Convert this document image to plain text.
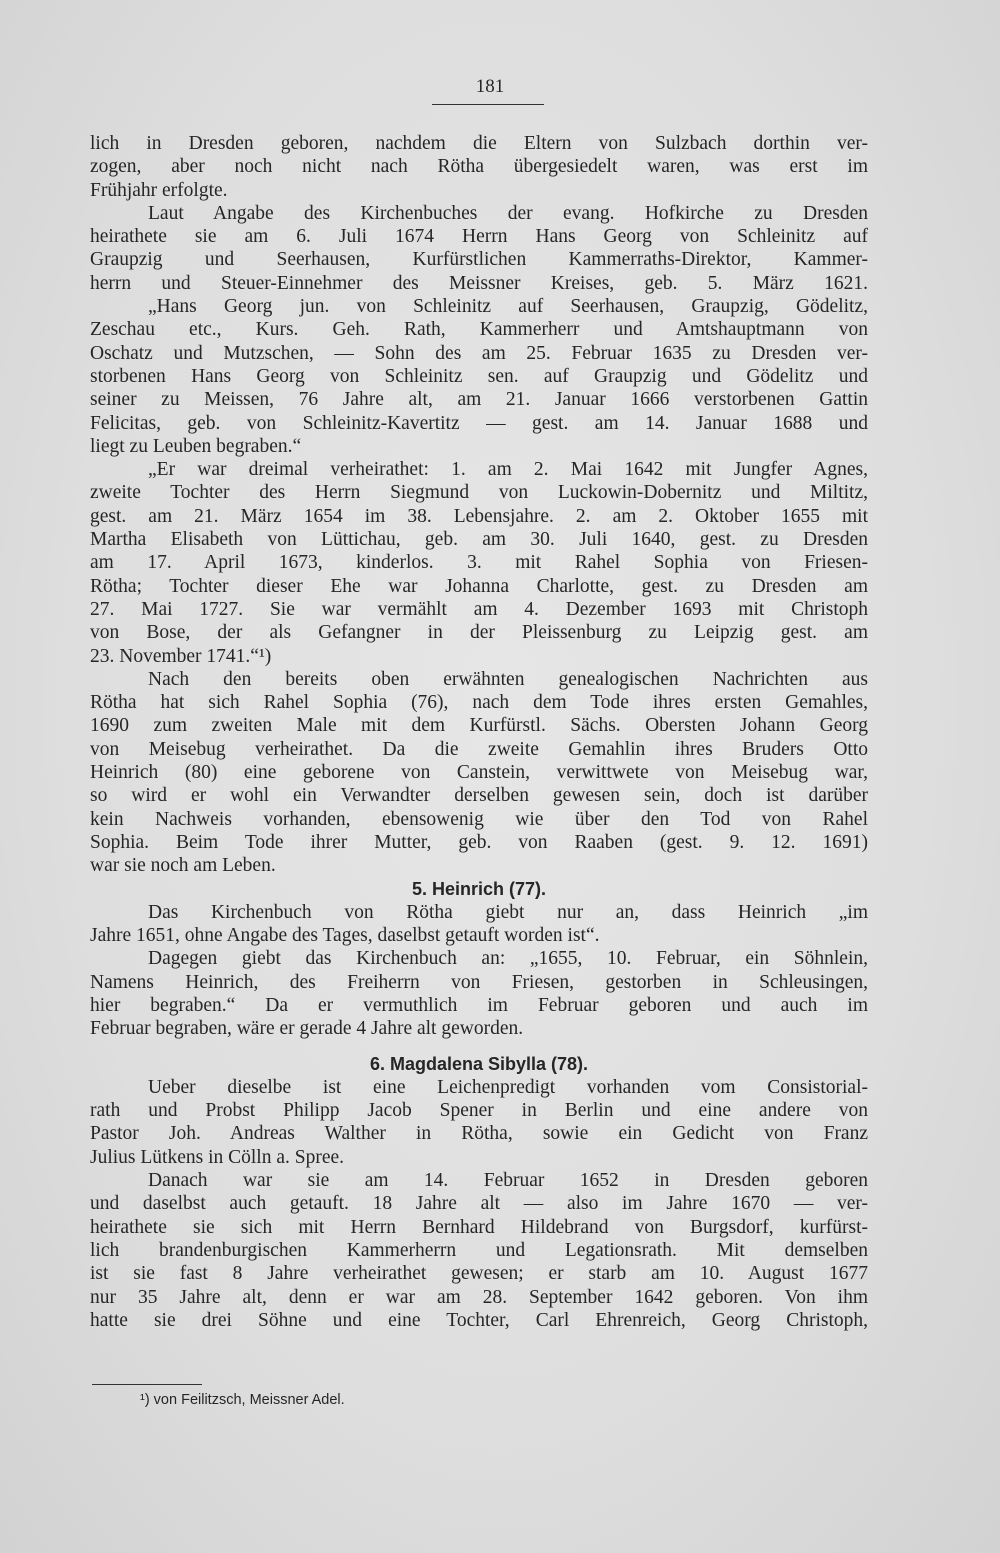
181
lich in Dresden geboren, nachdem die Eltern von Sulzbach dorthin ver-
zogen, aber noch nicht nach Rötha übergesiedelt waren, was erst im
Frühjahr erfolgte.
Laut Angabe des Kirchenbuches der evang. Hofkirche zu Dresden
heirathete sie am 6. Juli 1674 Herrn Hans Georg von Schleinitz auf
Graupzig und Seerhausen, Kurfürstlichen Kammerraths-Direktor, Kammer-
herrn und Steuer-Einnehmer des Meissner Kreises, geb. 5. März 1621.
„Hans Georg jun. von Schleinitz auf Seerhausen, Graupzig, Gödelitz,
Zeschau etc., Kurs. Geh. Rath, Kammerherr und Amtshauptmann von
Oschatz und Mutzschen, — Sohn des am 25. Februar 1635 zu Dresden ver-
storbenen Hans Georg von Schleinitz sen. auf Graupzig und Gödelitz und
seiner zu Meissen, 76 Jahre alt, am 21. Januar 1666 verstorbenen Gattin
Felicitas, geb. von Schleinitz-Kavertitz — gest. am 14. Januar 1688 und
liegt zu Leuben begraben.“
„Er war dreimal verheirathet: 1. am 2. Mai 1642 mit Jungfer Agnes,
zweite Tochter des Herrn Siegmund von Luckowin-Dobernitz und Miltitz,
gest. am 21. März 1654 im 38. Lebensjahre. 2. am 2. Oktober 1655 mit
Martha Elisabeth von Lüttichau, geb. am 30. Juli 1640, gest. zu Dresden
am 17. April 1673, kinderlos. 3. mit Rahel Sophia von Friesen-
Rötha; Tochter dieser Ehe war Johanna Charlotte, gest. zu Dresden am
27. Mai 1727. Sie war vermählt am 4. Dezember 1693 mit Christoph
von Bose, der als Gefangner in der Pleissenburg zu Leipzig gest. am
23. November 1741.“¹)
Nach den bereits oben erwähnten genealogischen Nachrichten aus
Rötha hat sich Rahel Sophia (76), nach dem Tode ihres ersten Gemahles,
1690 zum zweiten Male mit dem Kurfürstl. Sächs. Obersten Johann Georg
von Meisebug verheirathet. Da die zweite Gemahlin ihres Bruders Otto
Heinrich (80) eine geborene von Canstein, verwittwete von Meisebug war,
so wird er wohl ein Verwandter derselben gewesen sein, doch ist darüber
kein Nachweis vorhanden, ebensowenig wie über den Tod von Rahel
Sophia. Beim Tode ihrer Mutter, geb. von Raaben (gest. 9. 12. 1691)
war sie noch am Leben.
5. Heinrich (77).
Das Kirchenbuch von Rötha giebt nur an, dass Heinrich „im
Jahre 1651, ohne Angabe des Tages, daselbst getauft worden ist“.
Dagegen giebt das Kirchenbuch an: „1655, 10. Februar, ein Söhnlein,
Namens Heinrich, des Freiherrn von Friesen, gestorben in Schleusingen,
hier begraben.“ Da er vermuthlich im Februar geboren und auch im
Februar begraben, wäre er gerade 4 Jahre alt geworden.
6. Magdalena Sibylla (78).
Ueber dieselbe ist eine Leichenpredigt vorhanden vom Consistorial-
rath und Probst Philipp Jacob Spener in Berlin und eine andere von
Pastor Joh. Andreas Walther in Rötha, sowie ein Gedicht von Franz
Julius Lütkens in Cölln a. Spree.
Danach war sie am 14. Februar 1652 in Dresden geboren
und daselbst auch getauft. 18 Jahre alt — also im Jahre 1670 — ver-
heirathete sie sich mit Herrn Bernhard Hildebrand von Burgsdorf, kurfürst-
lich brandenburgischen Kammerherrn und Legationsrath. Mit demselben
ist sie fast 8 Jahre verheirathet gewesen; er starb am 10. August 1677
nur 35 Jahre alt, denn er war am 28. September 1642 geboren. Von ihm
hatte sie drei Söhne und eine Tochter, Carl Ehrenreich, Georg Christoph,
¹) von Feilitzsch, Meissner Adel.
